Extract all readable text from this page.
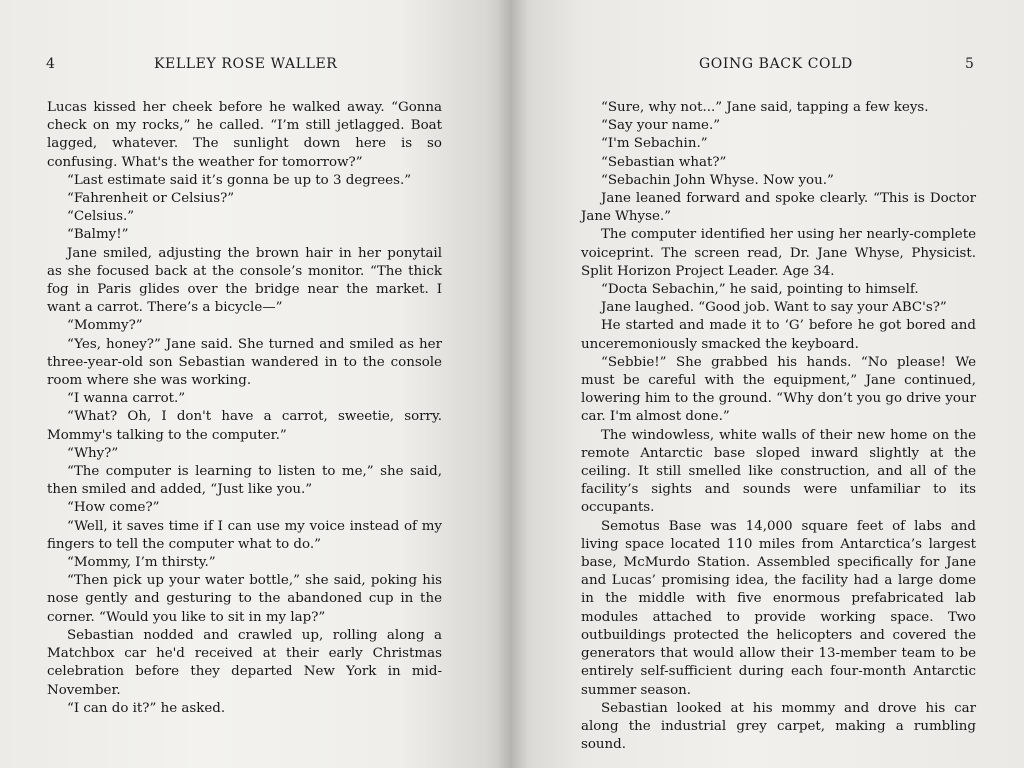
4	KELLEY ROSE WALLER

Lucas kissed her cheek before he walked away. “Gonna check on my rocks,” he called. “I’m still jetlagged. Boat lagged, whatever. The sunlight down here is so confusing. What's the weather for tomorrow?”

“Last estimate said it’s gonna be up to 3 degrees.”

“Fahrenheit or Celsius?”

“Celsius.”

“Balmy!”

Jane smiled, adjusting the brown hair in her ponytail as she focused back at the console’s monitor. “The thick fog in Paris glides over the bridge near the market. I want a carrot. There’s a bicycle—”

“Mommy?”

“Yes, honey?” Jane said. She turned and smiled as her three-year-old son Sebastian wandered in to the console room where she was working.

“I wanna carrot.”

“What? Oh, I don't have a carrot, sweetie, sorry. Mommy's talking to the computer.”

“Why?”

“The computer is learning to listen to me,” she said, then smiled and added, “Just like you.”

“How come?”

“Well, it saves time if I can use my voice instead of my fingers to tell the computer what to do.”

“Mommy, I’m thirsty.”

“Then pick up your water bottle,” she said, poking his nose gently and gesturing to the abandoned cup in the corner. “Would you like to sit in my lap?”

Sebastian nodded and crawled up, rolling along a Matchbox car he'd received at their early Christmas celebration before they departed New York in mid-November.

“I can do it?” he asked.

GOING BACK COLD	5

“Sure, why not...” Jane said, tapping a few keys.

“Say your name.”

“I'm Sebachin.”

“Sebastian what?”

“Sebachin John Whyse. Now you.”

Jane leaned forward and spoke clearly. “This is Doctor Jane Whyse.”

The computer identified her using her nearly-complete voiceprint. The screen read, Dr. Jane Whyse, Physicist. Split Horizon Project Leader. Age 34.

“Docta Sebachin,” he said, pointing to himself.

Jane laughed. “Good job. Want to say your ABC's?”

He started and made it to ‘G’ before he got bored and unceremoniously smacked the keyboard.

“Sebbie!” She grabbed his hands. “No please! We must be careful with the equipment,” Jane continued, lowering him to the ground. “Why don’t you go drive your car. I'm almost done.”

The windowless, white walls of their new home on the remote Antarctic base sloped inward slightly at the ceiling. It still smelled like construction, and all of the facility’s sights and sounds were unfamiliar to its occupants.

Semotus Base was 14,000 square feet of labs and living space located 110 miles from Antarctica’s largest base, McMurdo Station. Assembled specifically for Jane and Lucas’ promising idea, the facility had a large dome in the middle with five enormous prefabricated lab modules attached to provide working space. Two outbuildings protected the helicopters and covered the generators that would allow their 13-member team to be entirely self-sufficient during each four-month Antarctic summer season.

Sebastian looked at his mommy and drove his car along the industrial grey carpet, making a rumbling sound.
